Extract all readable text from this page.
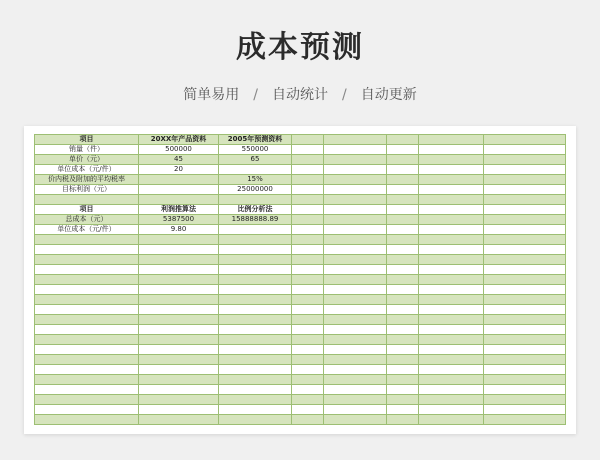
成本预测
简单易用 / 自动统计 / 自动更新
项目	20XX年产品资料	2005年预测资料					
销量（件）	500000	550000					
单价（元）	45	65					
单位成本（元/件）	20						
价内税及附加的平均税率		15%					
目标利润（元）		25000000					

项目	利润推算法	比例分析法					
总成本（元）	5387500	15888888.89					
单位成本（元/件）	9.80						
